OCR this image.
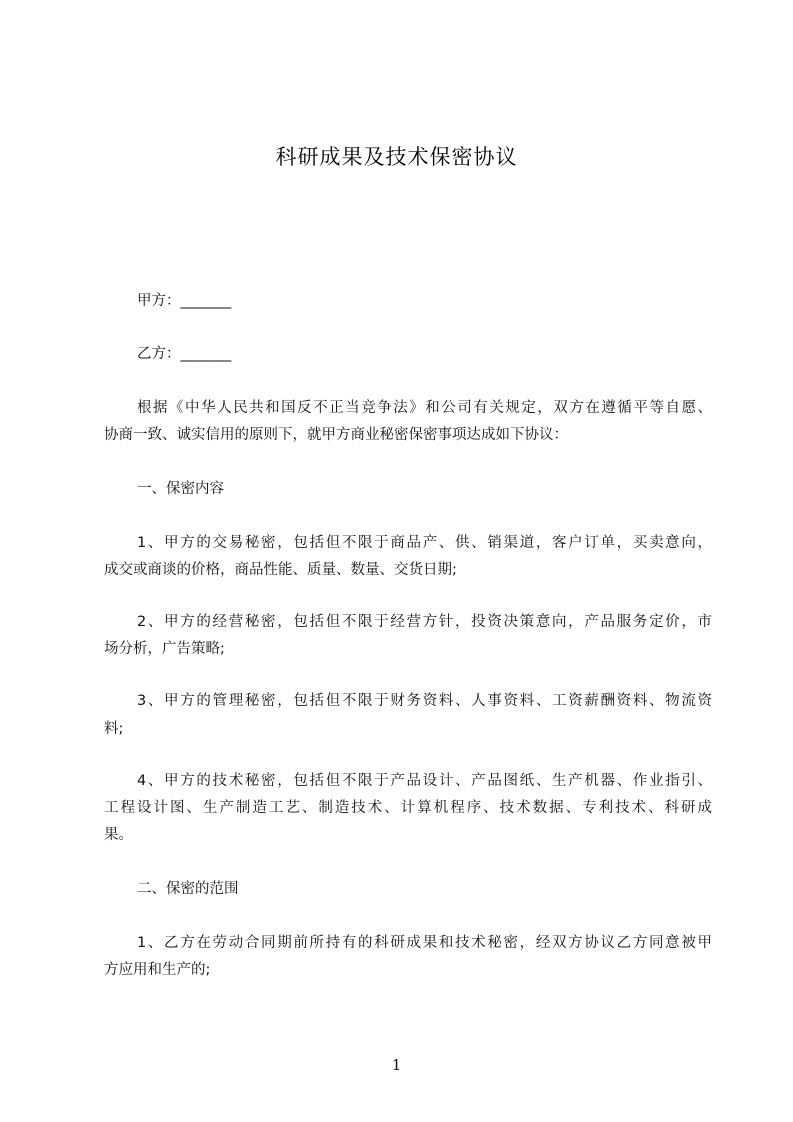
科研成果及技术保密协议
甲方：_______
乙方：_______
根据《中华人民共和国反不正当竞争法》和公司有关规定，双方在遵循平等自愿、
协商一致、诚实信用的原则下，就甲方商业秘密保密事项达成如下协议：
一、保密内容
1、甲方的交易秘密，包括但不限于商品产、供、销渠道，客户订单，买卖意向，
成交或商谈的价格，商品性能、质量、数量、交货日期;
2、甲方的经营秘密，包括但不限于经营方针，投资决策意向，产品服务定价，市
场分析，广告策略;
3、甲方的管理秘密，包括但不限于财务资料、人事资料、工资薪酬资料、物流资
料;
4、甲方的技术秘密，包括但不限于产品设计、产品图纸、生产机器、作业指引、
工程设计图、生产制造工艺、制造技术、计算机程序、技术数据、专利技术、科研成
果。
二、保密的范围
1、乙方在劳动合同期前所持有的科研成果和技术秘密，经双方协议乙方同意被甲
方应用和生产的;
1
